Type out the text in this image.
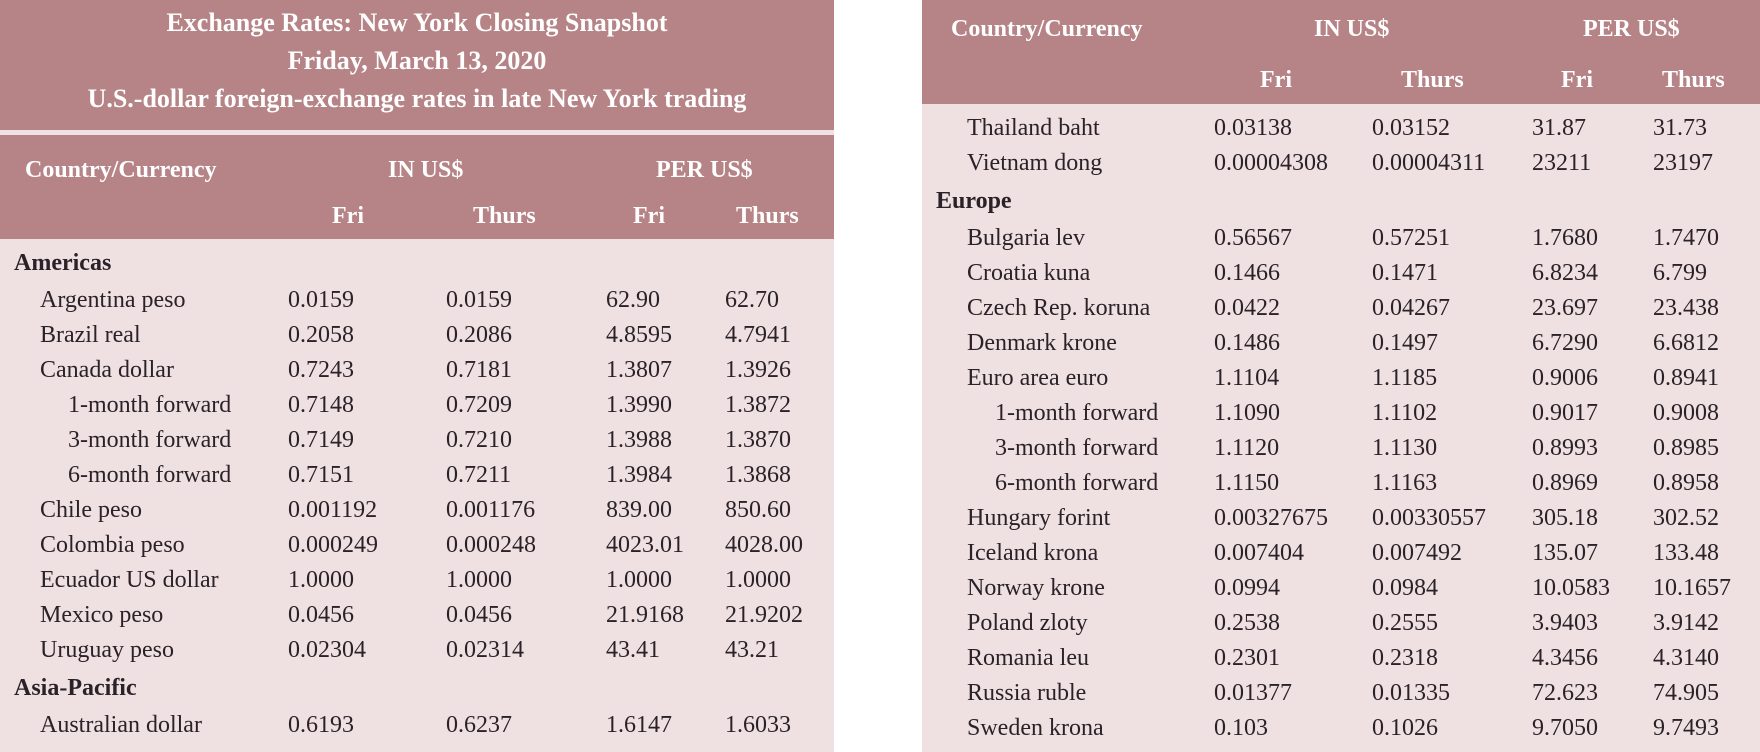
Exchange Rates: New York Closing Snapshot
Friday, March 13, 2020
U.S.-dollar foreign-exchange rates in late New York trading
Country/Currency	IN US$	PER US$
Fri	Thurs	Fri	Thurs
Americas				
Argentina peso	0.0159	0.0159	62.90	62.70
Brazil real	0.2058	0.2086	4.8595	4.7941
Canada dollar	0.7243	0.7181	1.3807	1.3926
1-month forward	0.7148	0.7209	1.3990	1.3872
3-month forward	0.7149	0.7210	1.3988	1.3870
6-month forward	0.7151	0.7211	1.3984	1.3868
Chile peso	0.001192	0.001176	839.00	850.60
Colombia peso	0.000249	0.000248	4023.01	4028.00
Ecuador US dollar	1.0000	1.0000	1.0000	1.0000
Mexico peso	0.0456	0.0456	21.9168	21.9202
Uruguay peso	0.02304	0.02314	43.41	43.21
Asia-Pacific				
Australian dollar	0.6193	0.6237	1.6147	1.6033
Country/Currency	IN US$	PER US$
Fri	Thurs	Fri	Thurs
Thailand baht	0.03138	0.03152	31.87	31.73
Vietnam dong	0.00004308	0.00004311	23211	23197
Europe				
Bulgaria lev	0.56567	0.57251	1.7680	1.7470
Croatia kuna	0.1466	0.1471	6.8234	6.799
Czech Rep. koruna	0.0422	0.04267	23.697	23.438
Denmark krone	0.1486	0.1497	6.7290	6.6812
Euro area euro	1.1104	1.1185	0.9006	0.8941
1-month forward	1.1090	1.1102	0.9017	0.9008
3-month forward	1.1120	1.1130	0.8993	0.8985
6-month forward	1.1150	1.1163	0.8969	0.8958
Hungary forint	0.00327675	0.00330557	305.18	302.52
Iceland krona	0.007404	0.007492	135.07	133.48
Norway krone	0.0994	0.0984	10.0583	10.1657
Poland zloty	0.2538	0.2555	3.9403	3.9142
Romania leu	0.2301	0.2318	4.3456	4.3140
Russia ruble	0.01377	0.01335	72.623	74.905
Sweden krona	0.103	0.1026	9.7050	9.7493
